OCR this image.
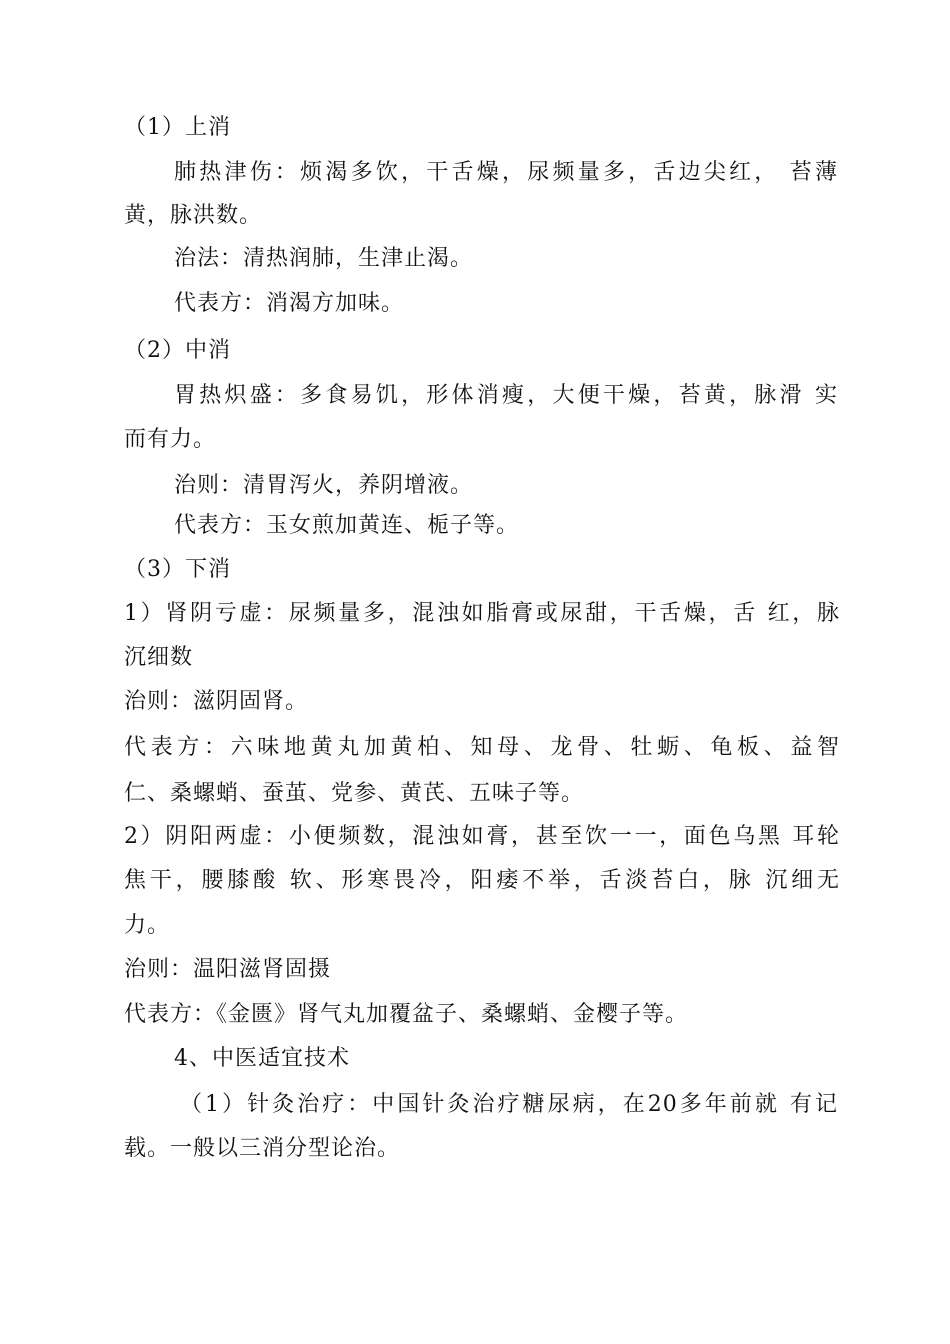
（1）上消
肺热津伤：烦渴多饮，干舌燥，尿频量多，舌边尖红， 苔薄
黄，脉洪数。
治法：清热润肺，生津止渴。
代表方：消渴方加味。
（2）中消
胃热炽盛：多食易饥，形体消瘦，大便干燥，苔黄，脉滑 实
而有力。
治则：清胃泻火，养阴增液。
代表方：玉女煎加黄连、栀子等。
（3）下消
1）肾阴亏虚：尿频量多，混浊如脂膏或尿甜，干舌燥，舌 红，脉
沉细数
治则：滋阴固肾。
代表方：六味地黄丸加黄柏、知母、龙骨、牡蛎、龟板、益智
仁、桑螺蛸、蚕茧、党参、黄芪、五味子等。
2）阴阳两虚：小便频数，混浊如膏，甚至饮一一，面色乌黑 耳轮
焦干，腰膝酸 软、形寒畏冷，阳痿不举，舌淡苔白，脉 沉细无
力。
治则：温阳滋肾固摄
代表方：《金匮》肾气丸加覆盆子、桑螺蛸、金樱子等。
4、中医适宜技术
（1）针灸治疗：中国针灸治疗糖尿病，在20多年前就 有记
载。一般以三消分型论治。
